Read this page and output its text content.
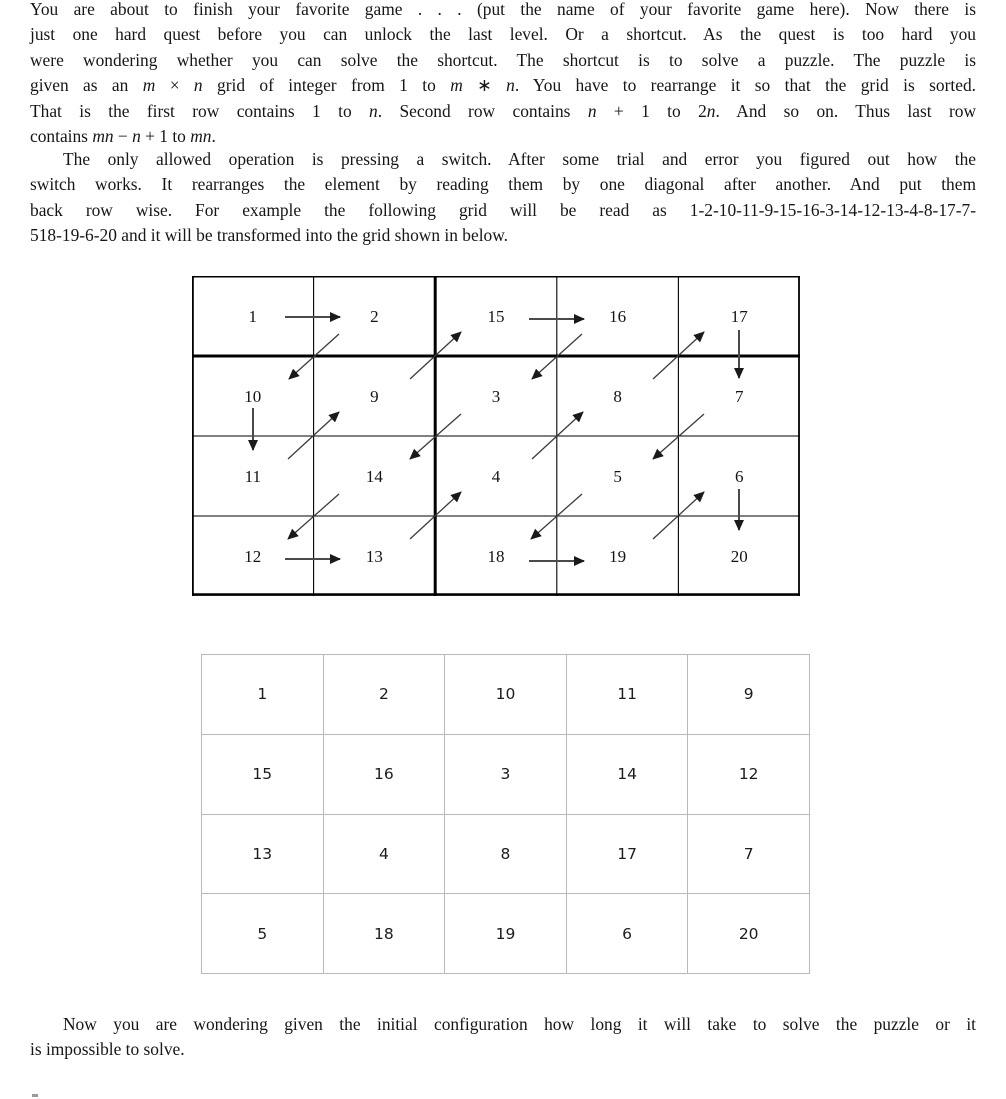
You are about to finish your favorite game . . . (put the name of your favorite game here). Now there is
just one hard quest before you can unlock the last level. Or a shortcut. As the quest is too hard you
were wondering whether you can solve the shortcut. The shortcut is to solve a puzzle. The puzzle is
given as an m × n grid of integer from 1 to m ∗ n. You have to rearrange it so that the grid is sorted.
That is the first row contains 1 to n. Second row contains n + 1 to 2n. And so on. Thus last row
contains mn − n + 1 to mn.
The only allowed operation is pressing a switch. After some trial and error you figured out how the
switch works. It rearranges the element by reading them by one diagonal after another. And put them
back row wise. For example the following grid will be read as 1-2-10-11-9-15-16-3-14-12-13-4-8-17-7-
518-19-6-20 and it will be transformed into the grid shown in below.
1	2	15	16	17
10	9	3	8	7
11	14	4	5	6
12	13	18	19	20
1	2	10	11	9
15	16	3	14	12
13	4	8	17	7
5	18	19	6	20
Now you are wondering given the initial configuration how long it will take to solve the puzzle or it
is impossible to solve.
